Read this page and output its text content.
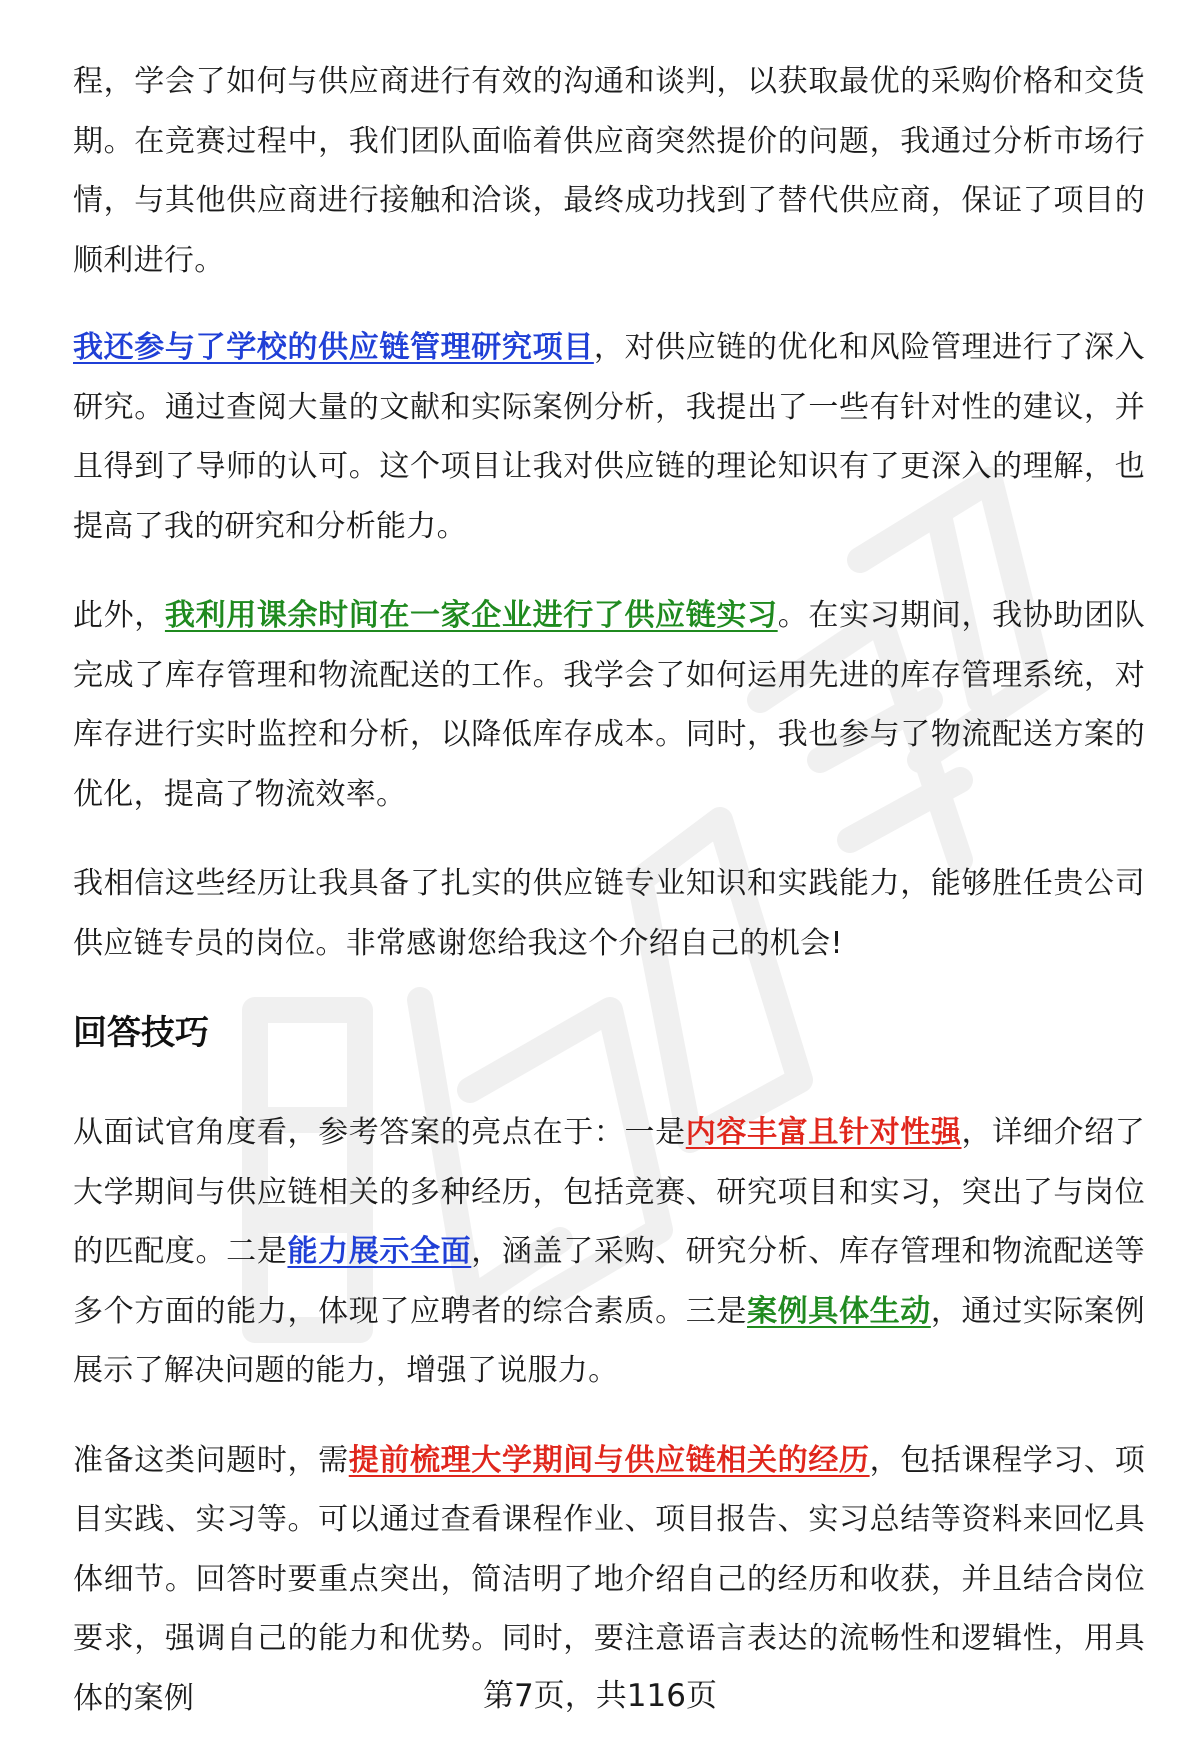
程，学会了如何与供应商进行有效的沟通和谈判，以获取最优的采购价格和交货期。在竞赛过程中，我们团队面临着供应商突然提价的问题，我通过分析市场行情，与其他供应商进行接触和洽谈，最终成功找到了替代供应商，保证了项目的顺利进行。

我还参与了学校的供应链管理研究项目，对供应链的优化和风险管理进行了深入研究。通过查阅大量的文献和实际案例分析，我提出了一些有针对性的建议，并且得到了导师的认可。这个项目让我对供应链的理论知识有了更深入的理解，也提高了我的研究和分析能力。

此外，我利用课余时间在一家企业进行了供应链实习。在实习期间，我协助团队完成了库存管理和物流配送的工作。我学会了如何运用先进的库存管理系统，对库存进行实时监控和分析，以降低库存成本。同时，我也参与了物流配送方案的优化，提高了物流效率。

我相信这些经历让我具备了扎实的供应链专业知识和实践能力，能够胜任贵公司供应链专员的岗位。非常感谢您给我这个介绍自己的机会!

回答技巧

从面试官角度看，参考答案的亮点在于：一是内容丰富且针对性强，详细介绍了大学期间与供应链相关的多种经历，包括竞赛、研究项目和实习，突出了与岗位的匹配度。二是能力展示全面，涵盖了采购、研究分析、库存管理和物流配送等多个方面的能力，体现了应聘者的综合素质。三是案例具体生动，通过实际案例展示了解决问题的能力，增强了说服力。

准备这类问题时，需提前梳理大学期间与供应链相关的经历，包括课程学习、项目实践、实习等。可以通过查看课程作业、项目报告、实习总结等资料来回忆具体细节。回答时要重点突出，简洁明了地介绍自己的经历和收获，并且结合岗位要求，强调自己的能力和优势。同时，要注意语言表达的流畅性和逻辑性，用具体的案例	第7页，共116页
